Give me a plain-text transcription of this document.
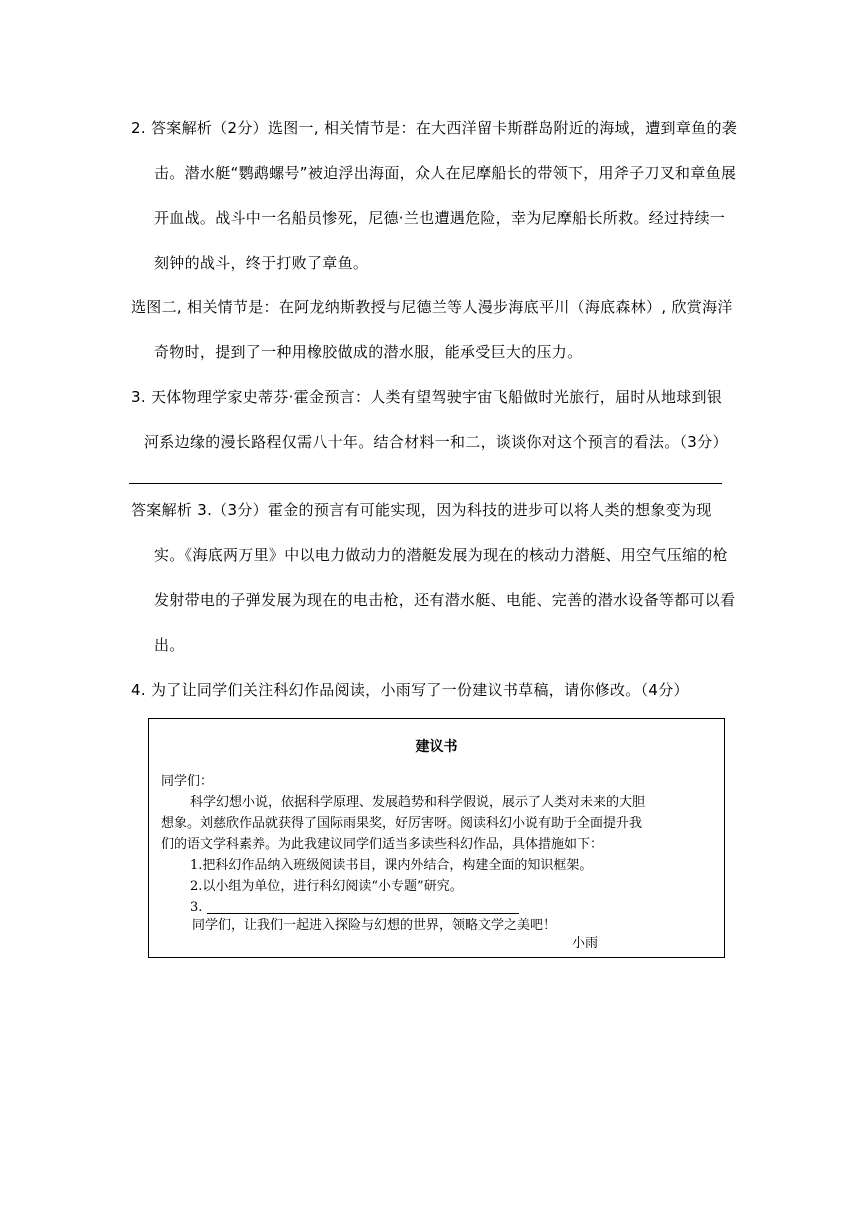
2. 答案解析（2分）选图一, 相关情节是：在大西洋留卡斯群岛附近的海域，遭到章鱼的袭
击。潜水艇“鹦鹉螺号”被迫浮出海面，众人在尼摩船长的带领下，用斧子刀叉和章鱼展
开血战。战斗中一名船员惨死，尼德·兰也遭遇危险，幸为尼摩船长所救。经过持续一
刻钟的战斗，终于打败了章鱼。
选图二, 相关情节是：在阿龙纳斯教授与尼德兰等人漫步海底平川（海底森林）, 欣赏海洋
奇物时，提到了一种用橡胶做成的潜水服，能承受巨大的压力。
3. 天体物理学家史蒂芬·霍金预言：人类有望驾驶宇宙飞船做时光旅行，届时从地球到银
河系边缘的漫长路程仅需八十年。结合材料一和二，谈谈你对这个预言的看法。（3分）
答案解析 3.（3分）霍金的预言有可能实现，因为科技的进步可以将人类的想象变为现
实。《海底两万里》中以电力做动力的潜艇发展为现在的核动力潜艇、用空气压缩的枪
发射带电的子弹发展为现在的电击枪，还有潜水艇、电能、完善的潜水设备等都可以看
出。
4. 为了让同学们关注科幻作品阅读，小雨写了一份建议书草稿，请你修改。（4分）
建议书
同学们：
科学幻想小说，依据科学原理、发展趋势和科学假说，展示了人类对未来的大胆
想象。刘慈欣作品就获得了国际雨果奖，好厉害呀。阅读科幻小说有助于全面提升我
们的语文学科素养。为此我建议同学们适当多读些科幻作品，具体措施如下：
1.把科幻作品纳入班级阅读书目，课内外结合，构建全面的知识框架。
2.以小组为单位，进行科幻阅读“小专题”研究。
3.
同学们，让我们一起进入探险与幻想的世界，领略文学之美吧！
小雨
